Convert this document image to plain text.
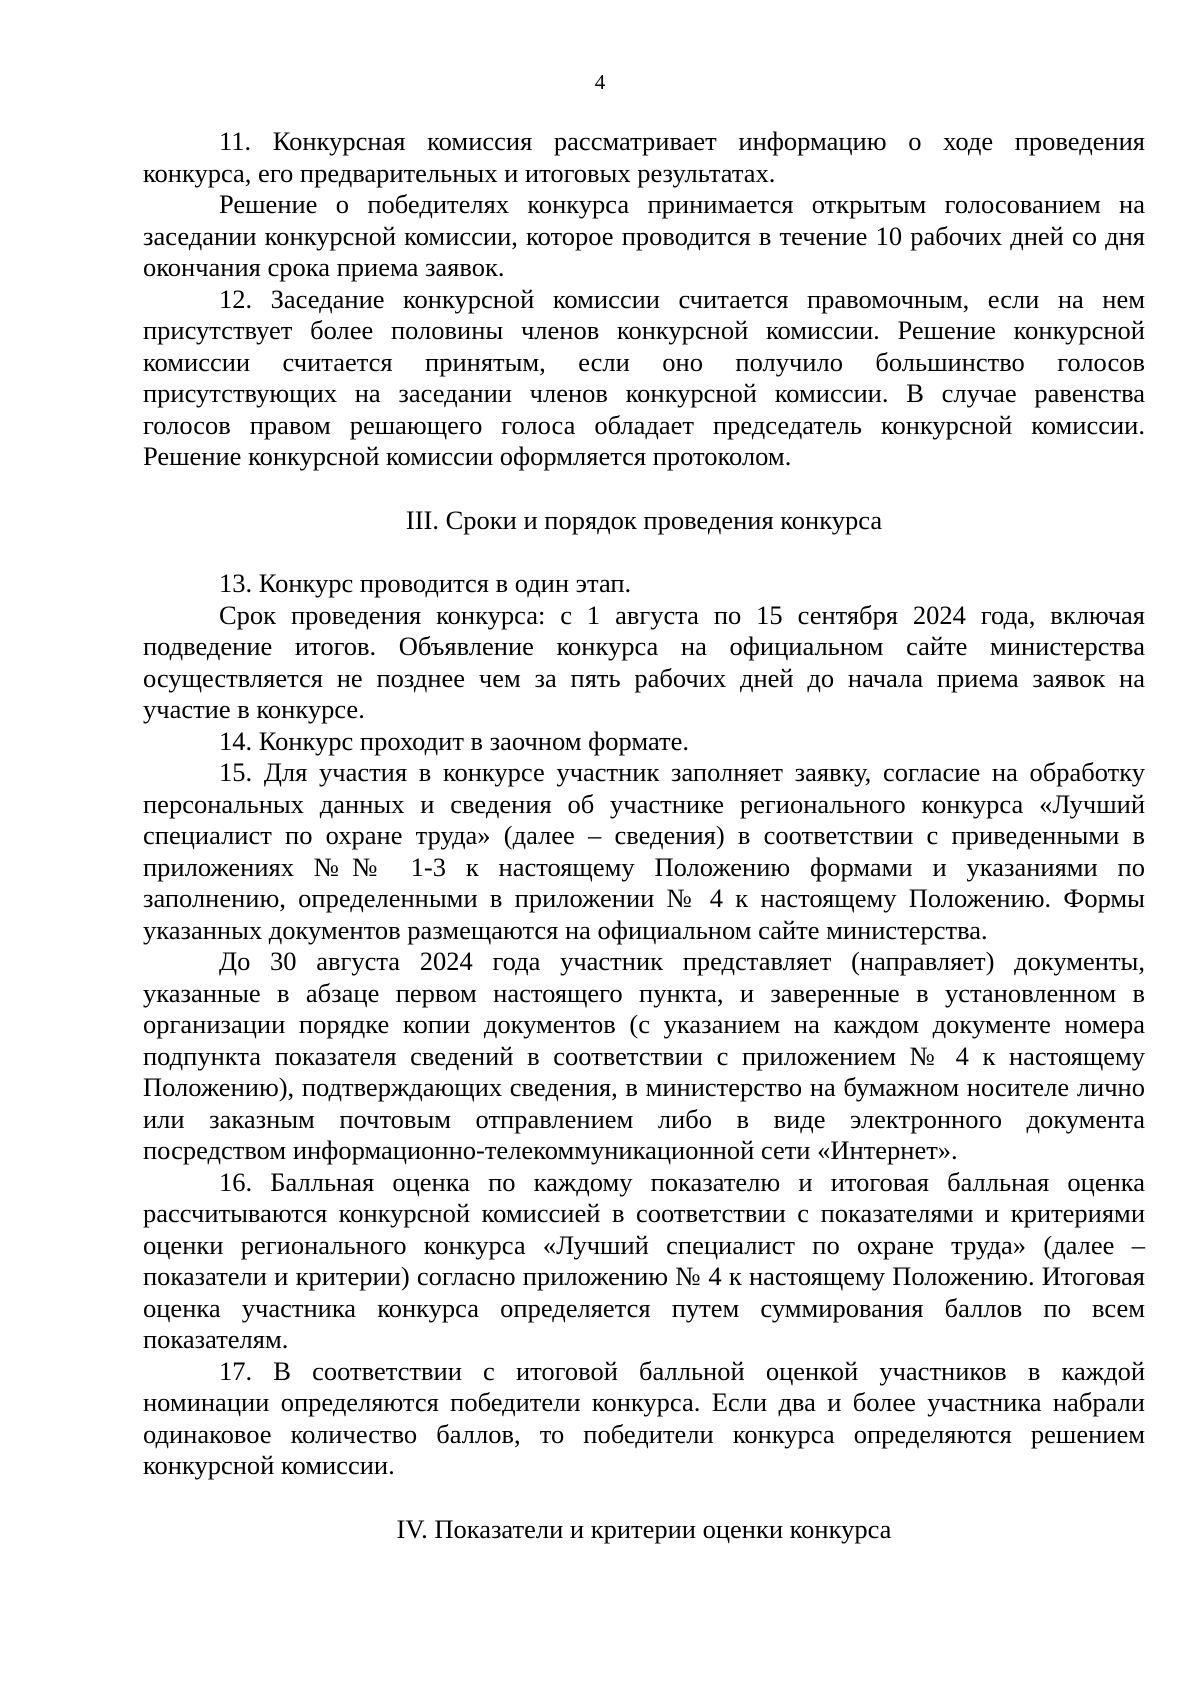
4

11. Конкурсная комиссия рассматривает информацию о ходе проведения конкурса, его предварительных и итоговых результатах.

Решение о победителях конкурса принимается открытым голосованием на заседании конкурсной комиссии, которое проводится в течение 10 рабочих дней со дня окончания срока приема заявок.

12. Заседание конкурсной комиссии считается правомочным, если на нем присутствует более половины членов конкурсной комиссии. Решение конкурсной комиссии считается принятым, если оно получило большинство голосов присутствующих на заседании членов конкурсной комиссии. В случае равенства голосов правом решающего голоса обладает председатель конкурсной комиссии. Решение конкурсной комиссии оформляется протоколом.

III. Сроки и порядок проведения конкурса

13. Конкурс проводится в один этап.

Срок проведения конкурса: с 1 августа по 15 сентября 2024 года, включая подведение итогов. Объявление конкурса на официальном сайте министерства осуществляется не позднее чем за пять рабочих дней до начала приема заявок на участие в конкурсе.

14. Конкурс проходит в заочном формате.

15. Для участия в конкурсе участник заполняет заявку, согласие на обработку персональных данных и сведения об участнике регионального конкурса «Лучший специалист по охране труда» (далее – сведения) в соответствии с приведенными в приложениях №№ 1-3 к настоящему Положению формами и указаниями по заполнению, определенными в приложении № 4 к настоящему Положению. Формы указанных документов размещаются на официальном сайте министерства.

До 30 августа 2024 года участник представляет (направляет) документы, указанные в абзаце первом настоящего пункта, и заверенные в установленном в организации порядке копии документов (с указанием на каждом документе номера подпункта показателя сведений в соответствии с приложением № 4 к настоящему Положению), подтверждающих сведения, в министерство на бумажном носителе лично или заказным почтовым отправлением либо в виде электронного документа посредством информационно-телекоммуникационной сети «Интернет».

16. Балльная оценка по каждому показателю и итоговая балльная оценка рассчитываются конкурсной комиссией в соответствии с показателями и критериями оценки регионального конкурса «Лучший специалист по охране труда» (далее – показатели и критерии) согласно приложению № 4 к настоящему Положению. Итоговая оценка участника конкурса определяется путем суммирования баллов по всем показателям.

17. В соответствии с итоговой балльной оценкой участников в каждой номинации определяются победители конкурса. Если два и более участника набрали одинаковое количество баллов, то победители конкурса определяются решением конкурсной комиссии.

IV. Показатели и критерии оценки конкурса
